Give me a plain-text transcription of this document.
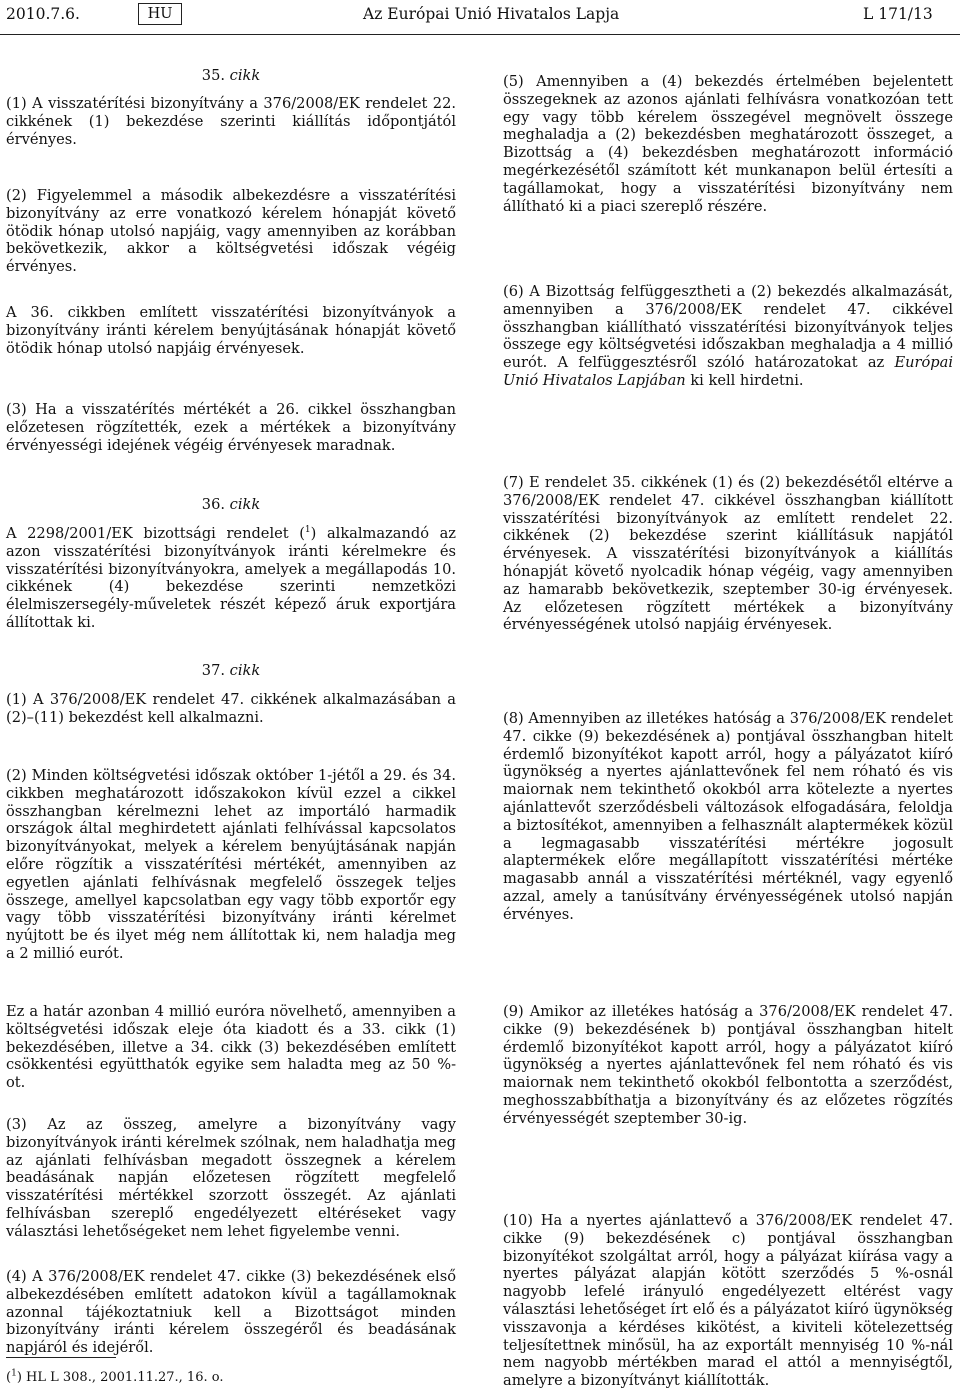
2010.7.6.	HU	Az Európai Unió Hivatalos Lapja	L 171/13
35. cikk
(1) A visszatérítési bizonyítvány a 376/2008/EK rendelet 22. cikkének (1) bekezdése szerinti kiállítás időpontjától érvényes.
(2) Figyelemmel a második albekezdésre a visszatérítési bizonyítvány az erre vonatkozó kérelem hónapját követő ötödik hónap utolsó napjáig, vagy amennyiben az korábban bekövetkezik, akkor a költségvetési időszak végéig érvényes.
A 36. cikkben említett visszatérítési bizonyítványok a bizonyítvány iránti kérelem benyújtásának hónapját követő ötödik hónap utolsó napjáig érvényesek.
(3) Ha a visszatérítés mértékét a 26. cikkel összhangban előzetesen rögzítették, ezek a mértékek a bizonyítvány érvényességi idejének végéig érvényesek maradnak.
36. cikk
A 2298/2001/EK bizottsági rendelet ($^1$) alkalmazandó az azon visszatérítési bizonyítványok iránti kérelmekre és visszatérítési bizonyítványokra, amelyek a megállapodás 10. cikkének (4) bekezdése szerinti nemzetközi élelmiszersegély-műveletek részét képező áruk exportjára állítottak ki.
37. cikk
(1) A 376/2008/EK rendelet 47. cikkének alkalmazásában a (2)–(11) bekezdést kell alkalmazni.
(2) Minden költségvetési időszak október 1-jétől a 29. és 34. cikkben meghatározott időszakokon kívül ezzel a cikkel összhangban kérelmezni lehet az importáló harmadik országok által meghirdetett ajánlati felhívással kapcsolatos bizonyítványokat, melyek a kérelem benyújtásának napján előre rögzítik a visszatérítési mértékét, amennyiben az egyetlen ajánlati felhívásnak megfelelő összegek teljes összege, amellyel kapcsolatban egy vagy több exportőr egy vagy több visszatérítési bizonyítvány iránti kérelmet nyújtott be és ilyet még nem állítottak ki, nem haladja meg a 2 millió eurót.
Ez a határ azonban 4 millió euróra növelhető, amennyiben a költségvetési időszak eleje óta kiadott és a 33. cikk (1) bekezdésében, illetve a 34. cikk (3) bekezdésében említett csökkentési együtthatók egyike sem haladta meg az 50 %-ot.
(3) Az az összeg, amelyre a bizonyítvány vagy bizonyítványok iránti kérelmek szólnak, nem haladhatja meg az ajánlati felhívásban megadott összegnek a kérelem beadásának napján előzetesen rögzített megfelelő visszatérítési mértékkel szorzott összegét. Az ajánlati felhívásban szereplő engedélyezett eltéréseket vagy választási lehetőségeket nem lehet figyelembe venni.
(4) A 376/2008/EK rendelet 47. cikke (3) bekezdésének első albekezdésében említett adatokon kívül a tagállamoknak azonnal tájékoztatniuk kell a Bizottságot minden bizonyítvány iránti kérelem összegéről és beadásának napjáról és idejéről.
(5) Amennyiben a (4) bekezdés értelmében bejelentett összegeknek az azonos ajánlati felhívásra vonatkozóan tett egy vagy több kérelem összegével megnövelt összege meghaladja a (2) bekezdésben meghatározott összeget, a Bizottság a (4) bekezdésben meghatározott információ megérkezésétől számított két munkanapon belül értesíti a tagállamokat, hogy a visszatérítési bizonyítvány nem állítható ki a piaci szereplő részére.
(6) A Bizottság felfüggesztheti a (2) bekezdés alkalmazását, amennyiben a 376/2008/EK rendelet 47. cikkével összhangban kiállítható visszatérítési bizonyítványok teljes összege egy költségvetési időszakban meghaladja a 4 millió eurót. A felfüggesztésről szóló határozatokat az Európai Unió Hivatalos Lapjában ki kell hirdetni.
(7) E rendelet 35. cikkének (1) és (2) bekezdésétől eltérve a 376/2008/EK rendelet 47. cikkével összhangban kiállított visszatérítési bizonyítványok az említett rendelet 22. cikkének (2) bekezdése szerint kiállításuk napjától érvényesek. A visszatérítési bizonyítványok a kiállítás hónapját követő nyolcadik hónap végéig, vagy amennyiben az hamarabb bekövetkezik, szeptember 30-ig érvényesek. Az előzetesen rögzített mértékek a bizonyítvány érvényességének utolsó napjáig érvényesek.
(8) Amennyiben az illetékes hatóság a 376/2008/EK rendelet 47. cikke (9) bekezdésének a) pontjával összhangban hitelt érdemlő bizonyítékot kapott arról, hogy a pályázatot kiíró ügynökség a nyertes ajánlattevőnek fel nem róható és vis maiornak nem tekinthető okokból arra kötelezte a nyertes ajánlattevőt szerződésbeli változások elfogadására, feloldja a biztosítékot, amennyiben a felhasznált alaptermékek közül a legmagasabb visszatérítési mértékre jogosult alaptermékek előre megállapított visszatérítési mértéke magasabb annál a visszatérítési mértéknél, vagy egyenlő azzal, amely a tanúsítvány érvényességének utolsó napján érvényes.
(9) Amikor az illetékes hatóság a 376/2008/EK rendelet 47. cikke (9) bekezdésének b) pontjával összhangban hitelt érdemlő bizonyítékot kapott arról, hogy a pályázatot kiíró ügynökség a nyertes ajánlattevőnek fel nem róható és vis maiornak nem tekinthető okokból felbontotta a szerződést, meghosszabbíthatja a bizonyítvány és az előzetes rögzítés érvényességét szeptember 30-ig.
(10) Ha a nyertes ajánlattevő a 376/2008/EK rendelet 47. cikke (9) bekezdésének c) pontjával összhangban bizonyítékot szolgáltat arról, hogy a pályázat kiírása vagy a nyertes pályázat alapján kötött szerződés 5 %-osnál nagyobb lefelé irányuló engedélyezett eltérést vagy választási lehetőséget írt elő és a pályázatot kiíró ügynökség visszavonja a kérdéses kikötést, a kiviteli kötelezettség teljesítettnek minősül, ha az exportált mennyiség 10 %-nál nem nagyobb mértékben marad el attól a mennyiségtől, amelyre a bizonyítványt kiállították.
($^1$) HL L 308., 2001.11.27., 16. o.
